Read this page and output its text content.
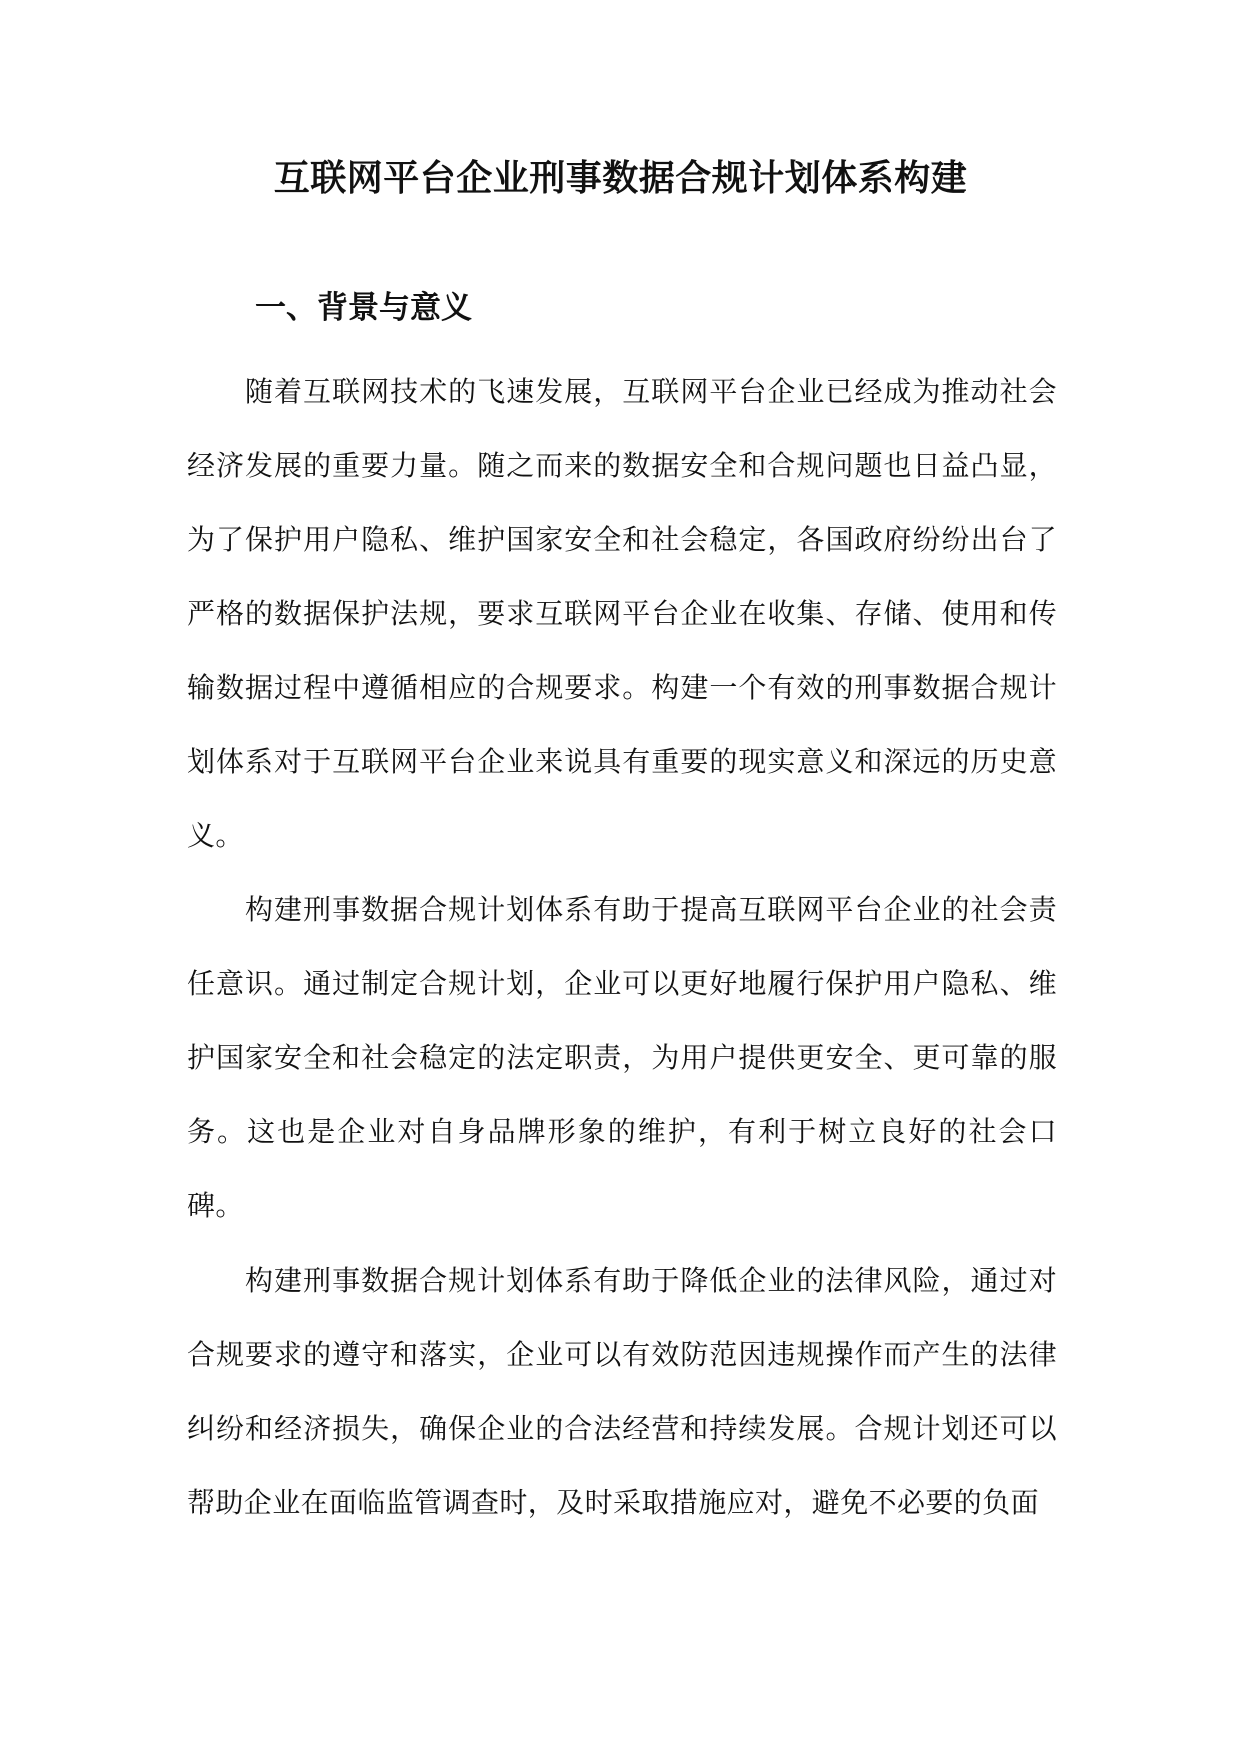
互联网平台企业刑事数据合规计划体系构建
一、背景与意义

随着互联网技术的飞速发展，互联网平台企业已经成为推动社会经济发展的重要力量。随之而来的数据安全和合规问题也日益凸显，为了保护用户隐私、维护国家安全和社会稳定，各国政府纷纷出台了严格的数据保护法规，要求互联网平台企业在收集、存储、使用和传输数据过程中遵循相应的合规要求。构建一个有效的刑事数据合规计划体系对于互联网平台企业来说具有重要的现实意义和深远的历史意义。

构建刑事数据合规计划体系有助于提高互联网平台企业的社会责任意识。通过制定合规计划，企业可以更好地履行保护用户隐私、维护国家安全和社会稳定的法定职责，为用户提供更安全、更可靠的服务。这也是企业对自身品牌形象的维护，有利于树立良好的社会口碑。

构建刑事数据合规计划体系有助于降低企业的法律风险，通过对合规要求的遵守和落实，企业可以有效防范因违规操作而产生的法律纠纷和经济损失，确保企业的合法经营和持续发展。合规计划还可以帮助企业在面临监管调查时，及时采取措施应对，避免不必要的负面
